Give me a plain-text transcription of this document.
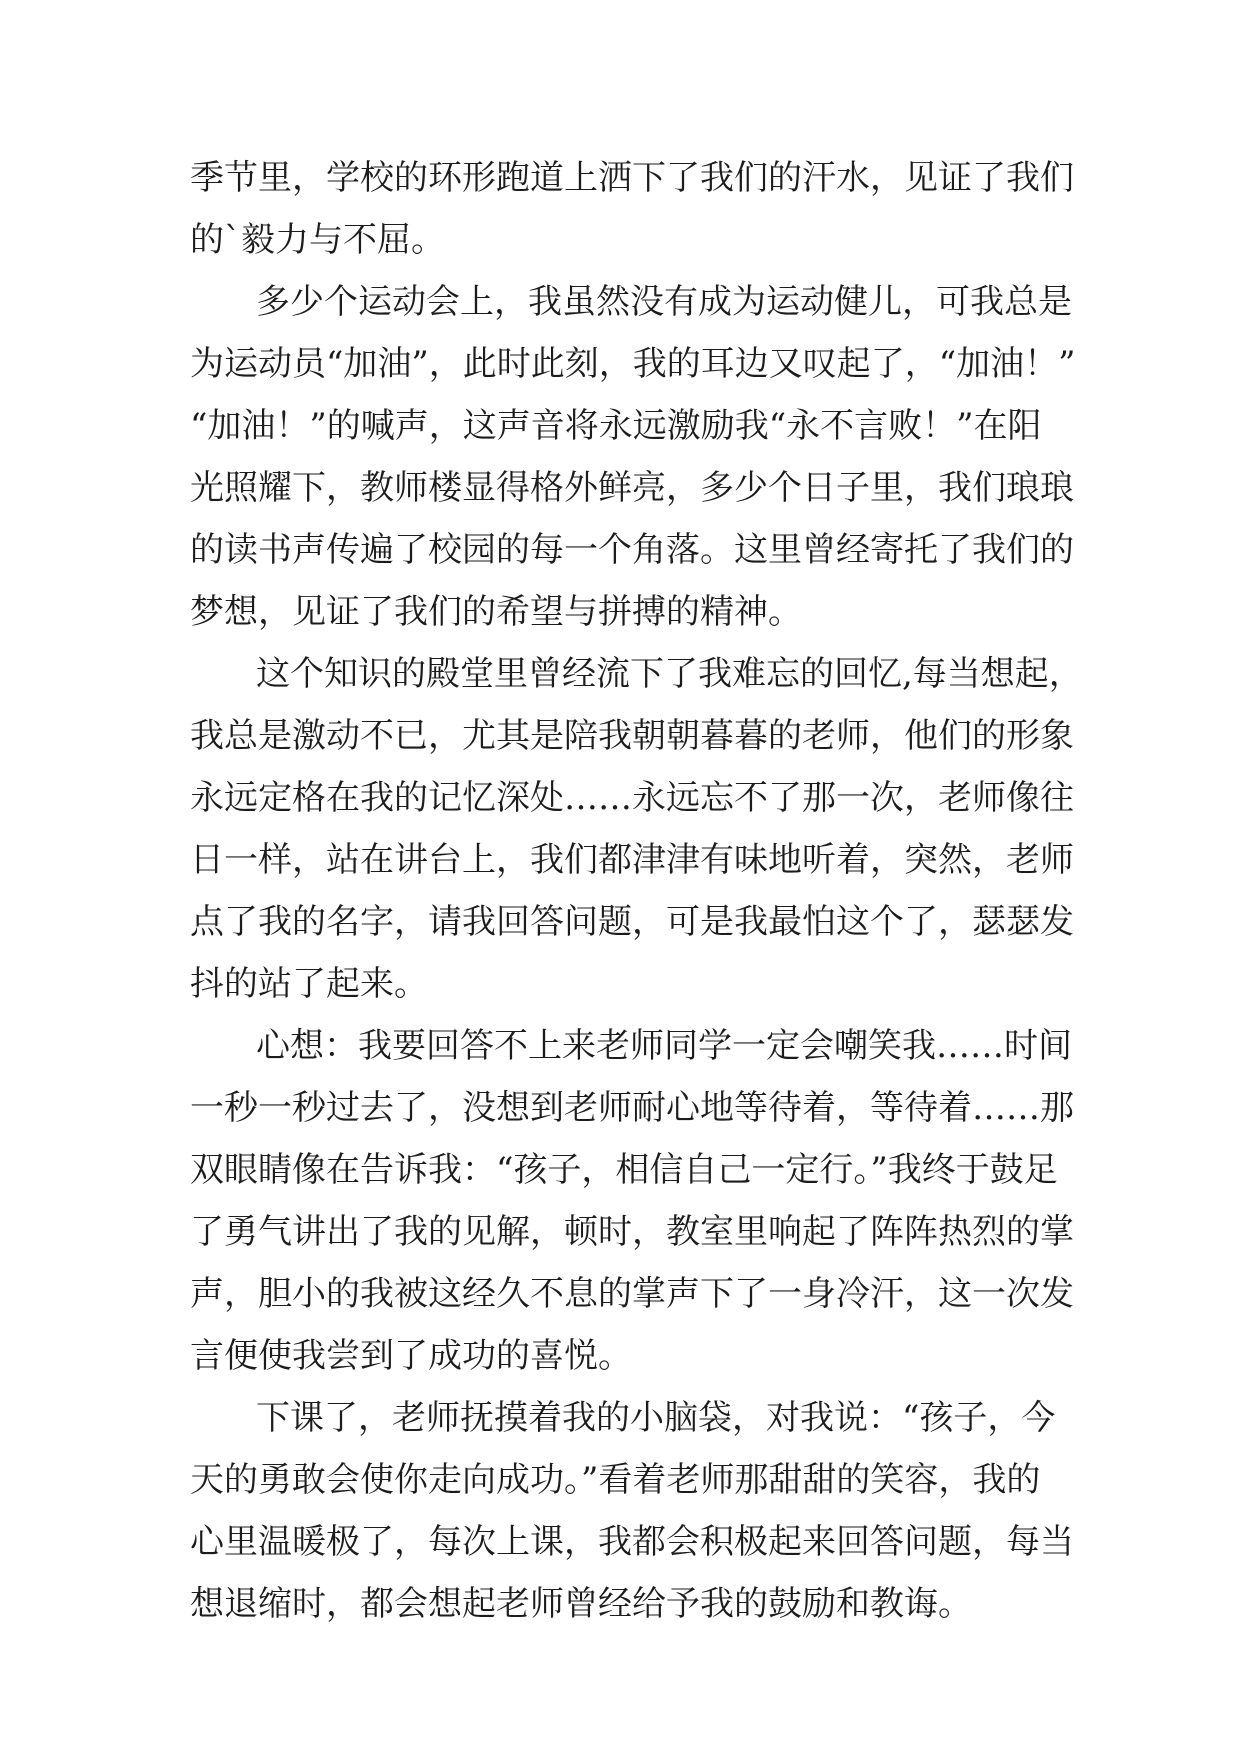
季节里，学校的环形跑道上洒下了我们的汗水，见证了我们
的`毅力与不屈。
多少个运动会上，我虽然没有成为运动健儿，可我总是
为运动员“加油”，此时此刻，我的耳边又叹起了，“加油！”
“加油！”的喊声，这声音将永远激励我“永不言败！”在阳
光照耀下，教师楼显得格外鲜亮，多少个日子里，我们琅琅
的读书声传遍了校园的每一个角落。这里曾经寄托了我们的
梦想，见证了我们的希望与拼搏的精神。
这个知识的殿堂里曾经流下了我难忘的回忆,每当想起，
我总是激动不已，尤其是陪我朝朝暮暮的老师，他们的形象
永远定格在我的记忆深处……永远忘不了那一次，老师像往
日一样，站在讲台上，我们都津津有味地听着，突然，老师
点了我的名字，请我回答问题，可是我最怕这个了，瑟瑟发
抖的站了起来。
心想：我要回答不上来老师同学一定会嘲笑我……时间
一秒一秒过去了，没想到老师耐心地等待着，等待着……那
双眼睛像在告诉我：“孩子，相信自己一定行。”我终于鼓足
了勇气讲出了我的见解，顿时，教室里响起了阵阵热烈的掌
声，胆小的我被这经久不息的掌声下了一身冷汗，这一次发
言便使我尝到了成功的喜悦。
下课了，老师抚摸着我的小脑袋，对我说：“孩子，今
天的勇敢会使你走向成功。”看着老师那甜甜的笑容，我的
心里温暖极了，每次上课，我都会积极起来回答问题，每当
想退缩时，都会想起老师曾经给予我的鼓励和教诲。
